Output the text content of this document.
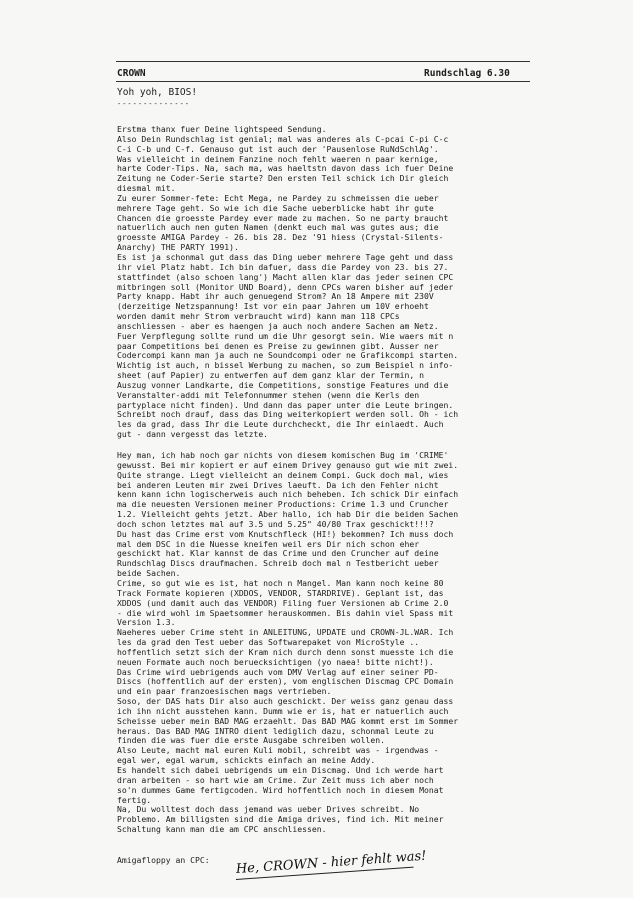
CROWN	Rundschlag 6.30
Yoh yoh, BIOS!
--------------
Erstma thanx fuer Deine lightspeed Sendung.
Also Dein Rundschlag ist genial; mal was anderes als C-pcai C-pi C-c
C-i C-b und C-f. Genauso gut ist auch der 'Pausenlose RuNdSchlAg'.
Was vielleicht in deinem Fanzine noch fehlt waeren n paar kernige,
harte Coder-Tips. Na, sach ma, was haeltstn davon dass ich fuer Deine
Zeitung ne Coder-Serie starte? Den ersten Teil schick ich Dir gleich
diesmal mit.
Zu eurer Sommer-fete: Echt Mega, ne Pardey zu schmeissen die ueber
mehrere Tage geht. So wie ich die Sache ueberblicke habt ihr gute
Chancen die groesste Pardey ever made zu machen. So ne party braucht
natuerlich auch nen guten Namen (denkt euch mal was gutes aus; die
groesste AMIGA Pardey - 26. bis 28. Dez '91 hiess (Crystal-Silents-
Anarchy) THE PARTY 1991).
Es ist ja schonmal gut dass das Ding ueber mehrere Tage geht und dass
ihr viel Platz habt. Ich bin dafuer, dass die Pardey von 23. bis 27.
stattfindet (also schoen lang') Macht allen klar das jeder seinen CPC
mitbringen soll (Monitor UND Board), denn CPCs waren bisher auf jeder
Party knapp. Habt ihr auch genuegend Strom? An 18 Ampere mit 230V
(derzeitige Netzspannung! Ist vor ein paar Jahren um 10V erhoeht
worden damit mehr Strom verbraucht wird) kann man 118 CPCs
anschliessen - aber es haengen ja auch noch andere Sachen am Netz.
Fuer Verpflegung sollte rund um die Uhr gesorgt sein. Wie waers mit n
paar Competitions bei denen es Preise zu gewinnen gibt. Ausser ner
Codercompi kann man ja auch ne Soundcompi oder ne Grafikcompi starten.
Wichtig ist auch, n bissel Werbung zu machen, so zum Beispiel n info-
sheet (auf Papier) zu entwerfen auf dem ganz klar der Termin, n
Auszug vonner Landkarte, die Competitions, sonstige Features und die
Veranstalter-addi mit Telefonnummer stehen (wenn die Kerls den
partyplace nicht finden). Und dann das paper unter die Leute bringen.
Schreibt noch drauf, dass das Ding weiterkopiert werden soll. Oh - ich
les da grad, dass Ihr die Leute durchcheckt, die Ihr einlaedt. Auch
gut - dann vergesst das letzte.
Hey man, ich hab noch gar nichts von diesem komischen Bug im 'CRIME'
gewusst. Bei mir kopiert er auf einem Drivey genauso gut wie mit zwei.
Quite strange. Liegt vielleicht an deinem Compi. Guck doch mal, wies
bei anderen Leuten mir zwei Drives laeuft. Da ich den Fehler nicht
kenn kann ichn logischerweis auch nich beheben. Ich schick Dir einfach
ma die neuesten Versionen meiner Productions: Crime 1.3 und Cruncher
1.2. Vielleicht gehts jetzt. Aber hallo, ich hab Dir die beiden Sachen
doch schon letztes mal auf 3.5 und 5.25" 40/80 Trax geschickt!!!?
Du hast das Crime erst vom Knutschfleck (HI!) bekommen? Ich muss doch
mal dem DSC in die Nuesse kneifen weil ers Dir nich schon eher
geschickt hat. Klar kannst de das Crime und den Cruncher auf deine
Rundschlag Discs draufmachen. Schreib doch mal n Testbericht ueber
beide Sachen.
Crime, so gut wie es ist, hat noch n Mangel. Man kann noch keine 80
Track Formate kopieren (XDDOS, VENDOR, STARDRIVE). Geplant ist, das
XDDOS (und damit auch das VENDOR) Filing fuer Versionen ab Crime 2.0
- die wird wohl im Spaetsommer herauskommen. Bis dahin viel Spass mit
Version 1.3.
Naeheres ueber Crime steht in ANLEITUNG, UPDATE und CROWN-JL.WAR. Ich
les da grad den Test ueber das Softwarepaket von MicroStyle ..
hoffentlich setzt sich der Kram nich durch denn sonst muesste ich die
neuen Formate auch noch beruecksichtigen (yo naea! bitte nicht!).
Das Crime wird uebrigends auch vom DMV Verlag auf einer seiner PD-
Discs (hoffentlich auf der ersten), vom englischen Discmag CPC Domain
und ein paar franzoesischen mags vertrieben.
Soso, der DAS hats Dir also auch geschickt. Der weiss ganz genau dass
ich ihn nicht ausstehen kann. Dumm wie er is, hat er natuerlich auch
Scheisse ueber mein BAD MAG erzaehlt. Das BAD MAG kommt erst im Sommer
heraus. Das BAD MAG INTRO dient lediglich dazu, schonmal Leute zu
finden die was fuer die erste Ausgabe schreiben wollen.
Also Leute, macht mal euren Kuli mobil, schreibt was - irgendwas -
egal wer, egal warum, schickts einfach an meine Addy.
Es handelt sich dabei uebrigends um ein Discmag. Und ich werde hart
dran arbeiten - so hart wie am Crime. Zur Zeit muss ich aber noch
so'n dummes Game fertigcoden. Wird hoffentlich noch in diesem Monat
fertig.
Na, Du wolltest doch dass jemand was ueber Drives schreibt. No
Problemo. Am billigsten sind die Amiga drives, find ich. Mit meiner
Schaltung kann man die am CPC anschliessen.
Amigafloppy an CPC: He, CROWN - hier fehlt was!
